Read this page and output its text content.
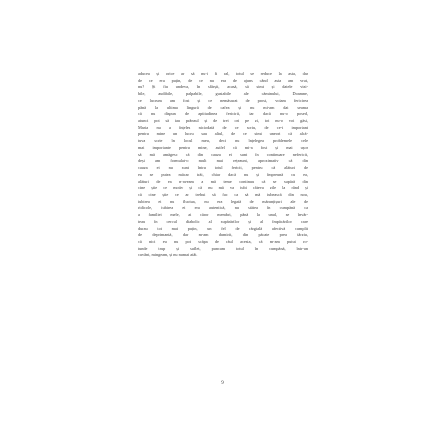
aducea și orice ar să nu-i fi ral, totul se reduce la asta, dar
de ce era puțin, de ce nu era de ajuns când asta am vrut,
nu? Și fiu undeva, în sfârșit, acasă, să simt și datele vizi-
bile, audibile, palpabile, gustabile ale căminului, Doamne,
ce lucrum am fost și ce nemăsurat de prost, voiam fericirea
până la ultima lingură de cafea și nu mi-am dat seama
că nu dispun de aptitudinea fericirii, iar dacă nu-o posed,
atunci pot să iau prânzul și de trei ori pe zi, tot nu-o voi găsi,
Maria nu a înțeles niciodată de ce scriu, de ce-i important
pentru mine un lucru sau altul, de ce simt uneori că alcă-
tuva scrie în locul meu, deci nu înțelegea problemele cele
mai importante pentru mine, astfel că mi-a fost și mai ușor
să mă amăgesc că din cauza ei sunt în continuare nefericit,
deși am formulat-o mult mai rețeaunt, aproximativ că din
cauza ei nu sunt întru totul fericit, pentru că alături de
ea se putea măcar trăi, chiar dacă nu și împreună cu ea,
alături de ea n-aveam a mă teme continuu că se supără din
cine știe ce motiv și că nu mă va iubi câteva zile la rând și
că cine știe ce ar trebui să fac ca să mă iubească din nou,
iubirea ei nu fluctua, nu era legată de mărunțișuri ale de
ridicole, iubirea ei era autentică, nu stătea în cumpănă ca
a familiei mele, ai căror membri, până la unul, se învâr-
teau în cercul diabolic al supărărilor și al împăcărilor care
durau tot mai puțin, un fel de rărgială afectivă cumplit
de deprimantă, dar m-am dumirit, din păcate prea târziu,
că nici eu nu pot scăpa de răul acesta, că m-am putut ro-
tunde trup și suflet, puncam totul în cumpănă, într-un
cuvânt, mingeam, și nu numai atât.
9
